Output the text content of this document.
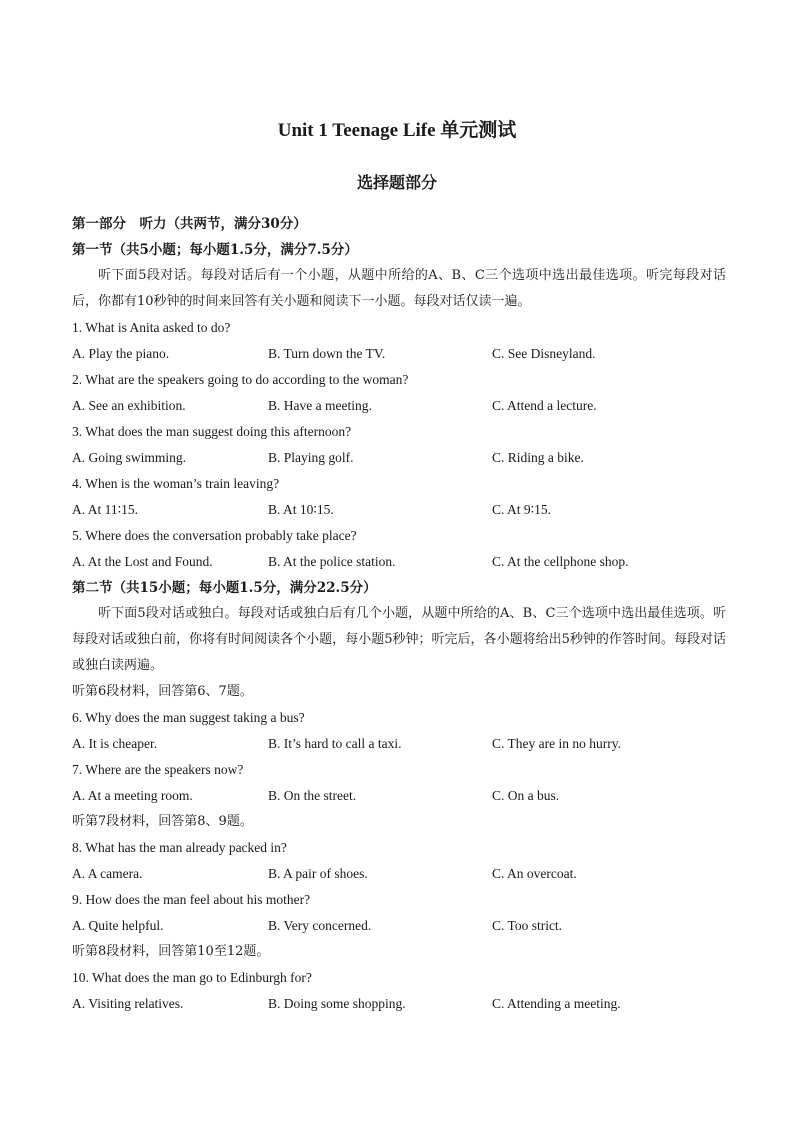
Unit 1 Teenage Life 单元测试
选择题部分
第一部分　听力（共两节，满分30分）
第一节（共5小题；每小题1.5分，满分7.5分）
听下面5段对话。每段对话后有一个小题，从题中所给的A、B、C三个选项中选出最佳选项。听完每段对话后，你都有10秒钟的时间来回答有关小题和阅读下一小题。每段对话仅读一遍。
1. What is Anita asked to do?
A. Play the piano.	B. Turn down the TV.	C. See Disneyland.
2. What are the speakers going to do according to the woman?
A. See an exhibition.	B. Have a meeting.	C. Attend a lecture.
3. What does the man suggest doing this afternoon?
A. Going swimming.	B. Playing golf.	C. Riding a bike.
4. When is the woman’s train leaving?
A. At 11∶15.	B. At 10∶15.	C. At 9∶15.
5. Where does the conversation probably take place?
A. At the Lost and Found.	B. At the police station.	C. At the cellphone shop.
第二节（共15小题；每小题1.5分，满分22.5分）
听下面5段对话或独白。每段对话或独白后有几个小题，从题中所给的A、B、C三个选项中选出最佳选项。听每段对话或独白前，你将有时间阅读各个小题，每小题5秒钟；听完后，各小题将给出5秒钟的作答时间。每段对话或独白读两遍。
听第6段材料，回答第6、7题。
6. Why does the man suggest taking a bus?
A. It is cheaper.	B. It’s hard to call a taxi.	C. They are in no hurry.
7. Where are the speakers now?
A. At a meeting room.	B. On the street.	C. On a bus.
听第7段材料，回答第8、9题。
8. What has the man already packed in?
A. A camera.	B. A pair of shoes.	C. An overcoat.
9. How does the man feel about his mother?
A. Quite helpful.	B. Very concerned.	C. Too strict.
听第8段材料，回答第10至12题。
10. What does the man go to Edinburgh for?
A. Visiting relatives.	B. Doing some shopping.	C. Attending a meeting.
